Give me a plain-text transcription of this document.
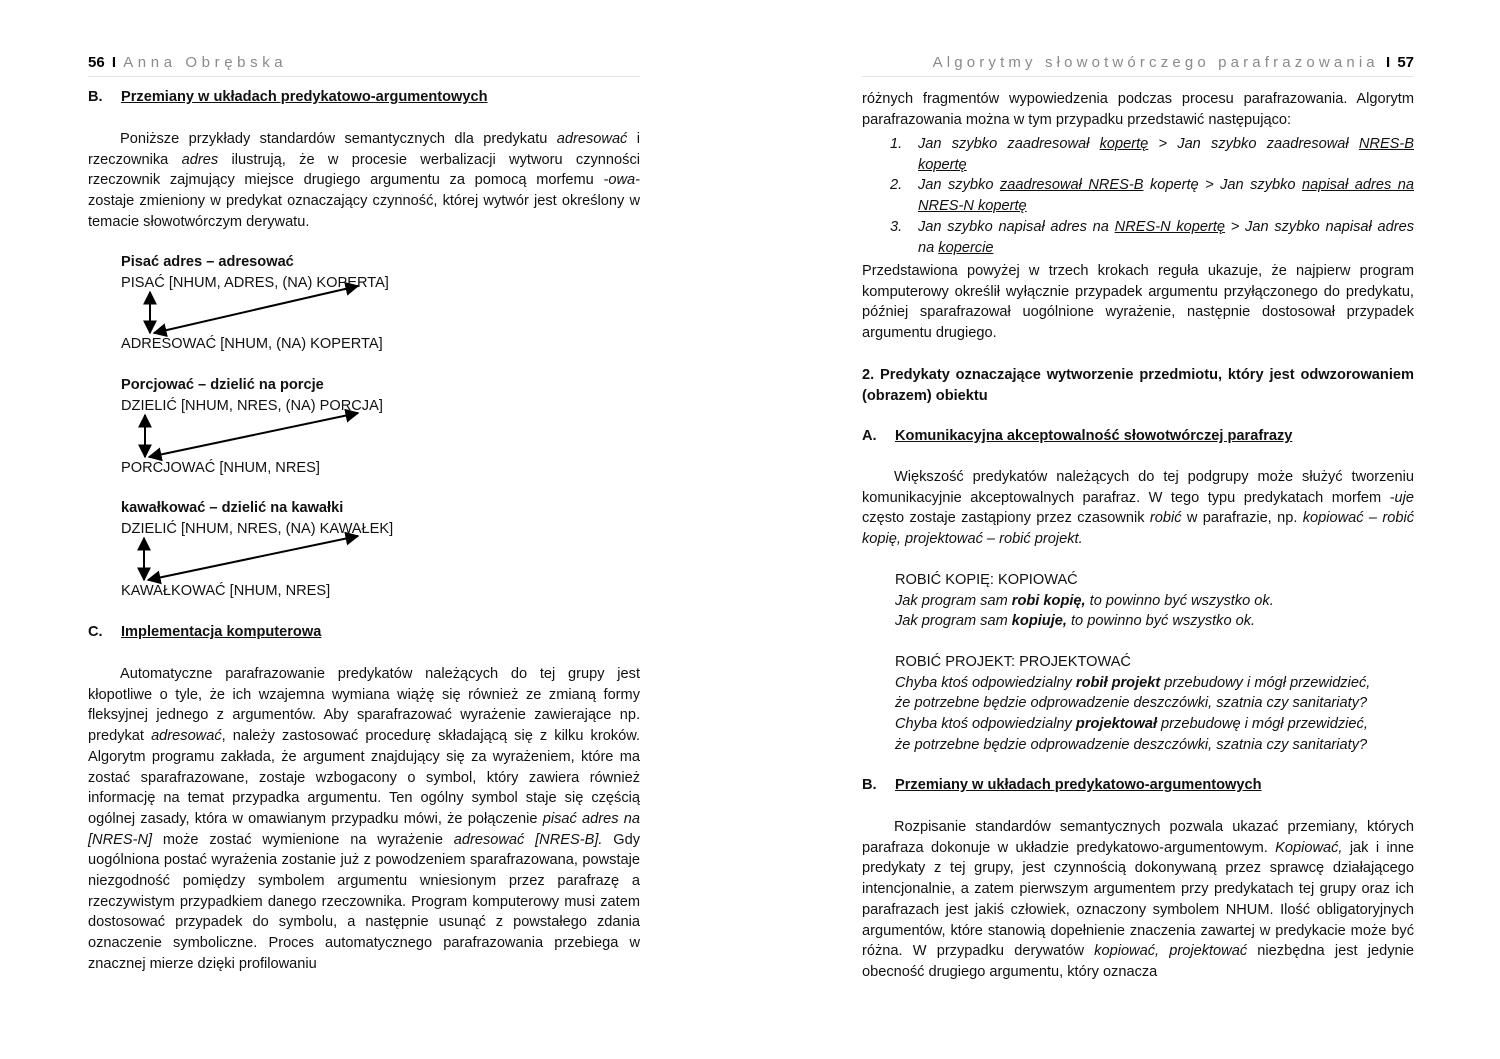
56 I Anna Obrębska
B. Przemiany w układach predykatowo-argumentowych

Poniższe przykłady standardów semantycznych dla predykatu adresować i rzeczownika adres ilustrują, że w procesie werbalizacji wytworu czynności rzeczownik zajmujący miejsce drugiego argumentu za pomocą morfemu -owa- zostaje zmieniony w predykat oznaczający czynność, której wytwór jest określony w temacie słowotwórczym derywatu.

Pisać adres – adresować
PISAĆ [NHUM, ADRES, (NA) KOPERTA]
ADRESOWAĆ [NHUM, (NA) KOPERTA]
Porcjować – dzielić na porcje
DZIELIĆ [NHUM, NRES, (NA) PORCJA]
PORCJOWAĆ [NHUM, NRES]
kawałkować – dzielić na kawałki
DZIELIĆ [NHUM, NRES, (NA) KAWAŁEK]
KAWAŁKOWAĆ [NHUM, NRES]
C. Implementacja komputerowa

Automatyczne parafrazowanie predykatów należących do tej grupy jest kłopotliwe o tyle, że ich wzajemna wymiana wiążę się również ze zmianą formy fleksyjnej jednego z argumentów. Aby sparafrazować wyrażenie zawierające np. predykat adresować, należy zastosować procedurę składającą się z kilku kroków. Algorytm programu zakłada, że argument znajdujący się za wyrażeniem, które ma zostać sparafrazowane, zostaje wzbogacony o symbol, który zawiera również informację na temat przypadka argumentu. Ten ogólny symbol staje się częścią ogólnej zasady, która w omawianym przypadku mówi, że połączenie pisać adres na [NRES-N] może zostać wymienione na wyrażenie adresować [NRES-B]. Gdy uogólniona postać wyrażenia zostanie już z powodzeniem sparafrazowana, powstaje niezgodność pomiędzy symbolem argumentu wniesionym przez parafrazę a rzeczywistym przypadkiem danego rzeczownika. Program komputerowy musi zatem dostosować przypadek do symbolu, a następnie usunąć z powstałego zdania oznaczenie symboliczne. Proces automatycznego parafrazowania przebiega w znacznej mierze dzięki profilowaniu

Algorytmy słowotwórczego parafrazowania I 57

różnych fragmentów wypowiedzenia podczas procesu parafrazowania. Algorytm parafrazowania można w tym przypadku przedstawić następująco:

1. Jan szybko zaadresował kopertę > Jan szybko zaadresował NRES-B kopertę
2. Jan szybko zaadresował NRES-B kopertę > Jan szybko napisał adres na NRES-N kopertę
3. Jan szybko napisał adres na NRES-N kopertę > Jan szybko napisał adres na kopercie

Przedstawiona powyżej w trzech krokach reguła ukazuje, że najpierw program komputerowy określił wyłącznie przypadek argumentu przyłączonego do predykatu, później sparafrazował uogólnione wyrażenie, następnie dostosował przypadek argumentu drugiego.

2. Predykaty oznaczające wytworzenie przedmiotu, który jest odwzorowaniem (obrazem) obiektu

A. Komunikacyjna akceptowalność słowotwórczej parafrazy

Większość predykatów należących do tej podgrupy może służyć tworzeniu komunikacyjnie akceptowalnych parafraz. W tego typu predykatach morfem -uje często zostaje zastąpiony przez czasownik robić w parafrazie, np. kopiować – robić kopię, projektować – robić projekt.

ROBIĆ KOPIĘ: KOPIOWAĆ
Jak program sam robi kopię, to powinno być wszystko ok.
Jak program sam kopiuje, to powinno być wszystko ok.
ROBIĆ PROJEKT: PROJEKTOWAĆ
Chyba ktoś odpowiedzialny robił projekt przebudowy i mógł przewidzieć,
że potrzebne będzie odprowadzenie deszczówki, szatnia czy sanitariaty?
Chyba ktoś odpowiedzialny projektował przebudowę i mógł przewidzieć,
że potrzebne będzie odprowadzenie deszczówki, szatnia czy sanitariaty?
B. Przemiany w układach predykatowo-argumentowych

Rozpisanie standardów semantycznych pozwala ukazać przemiany, których parafraza dokonuje w układzie predykatowo-argumentowym. Kopiować, jak i inne predykaty z tej grupy, jest czynnością dokonywaną przez sprawcę działającego intencjonalnie, a zatem pierwszym argumentem przy predykatach tej grupy oraz ich parafrazach jest jakiś człowiek, oznaczony symbolem NHUM. Ilość obligatoryjnych argumentów, które stanowią dopełnienie znaczenia zawartej w predykacie może być różna. W przypadku derywatów kopiować, projektować niezbędna jest jedynie obecność drugiego argumentu, który oznacza
